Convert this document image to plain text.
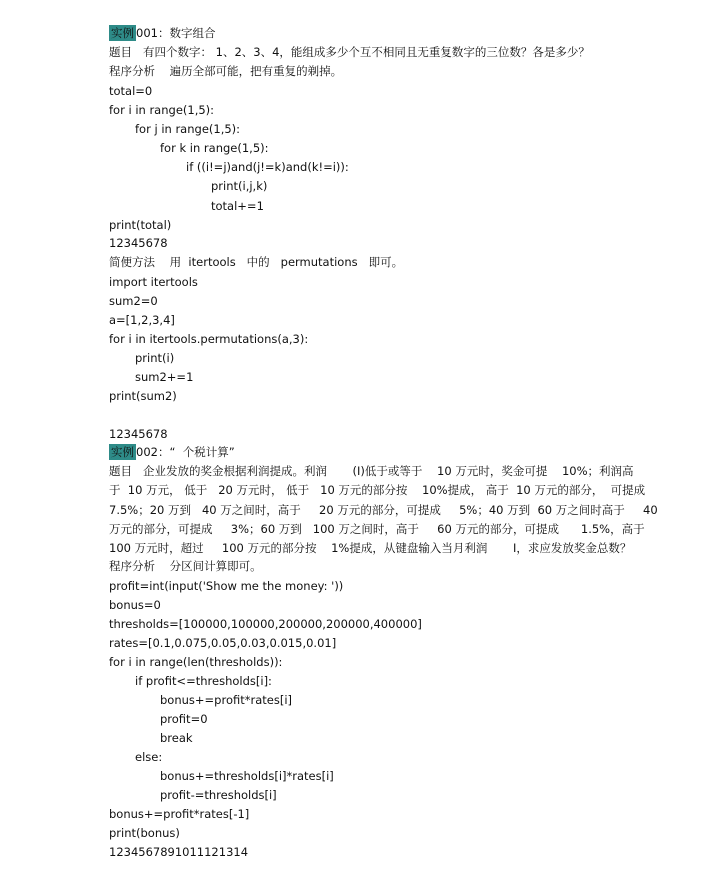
实例 001：数字组合
题目   有四个数字： 1、2、3、4，能组成多少个互不相同且无重复数字的三位数？各是多少？
程序分析    遍历全部可能，把有重复的剃掉。
total=0
for i in range(1,5):
for j in range(1,5):
for k in range(1,5):
if ((i!=j)and(j!=k)and(k!=i)):
print(i,j,k)
total+=1
print(total)
12345678
简便方法    用  itertools   中的   permutations   即可。
import itertools
sum2=0
a=[1,2,3,4]
for i in itertools.permutations(a,3):
print(i)
sum2+=1
print(sum2)
12345678
实例 002：“  个税计算”
题目   企业发放的奖金根据利润提成。利润       (I)低于或等于    10 万元时，奖金可提    10%；利润高
于  10 万元， 低于   20 万元时， 低于   10 万元的部分按    10%提成， 高于  10 万元的部分，  可提成
7.5%；20 万到   40 万之间时，高于     20 万元的部分，可提成     5%；40 万到  60 万之间时高于     40
万元的部分，可提成     3%；60 万到   100 万之间时，高于     60 万元的部分，可提成      1.5%，高于
100 万元时，超过     100 万元的部分按    1%提成，从键盘输入当月利润       I，求应发放奖金总数？
程序分析    分区间计算即可。
profit=int(input('Show me the money: '))
bonus=0
thresholds=[100000,100000,200000,200000,400000]
rates=[0.1,0.075,0.05,0.03,0.015,0.01]
for i in range(len(thresholds)):
if profit<=thresholds[i]:
bonus+=profit*rates[i]
profit=0
break
else:
bonus+=thresholds[i]*rates[i]
profit-=thresholds[i]
bonus+=profit*rates[-1]
print(bonus)
1234567891011121314
